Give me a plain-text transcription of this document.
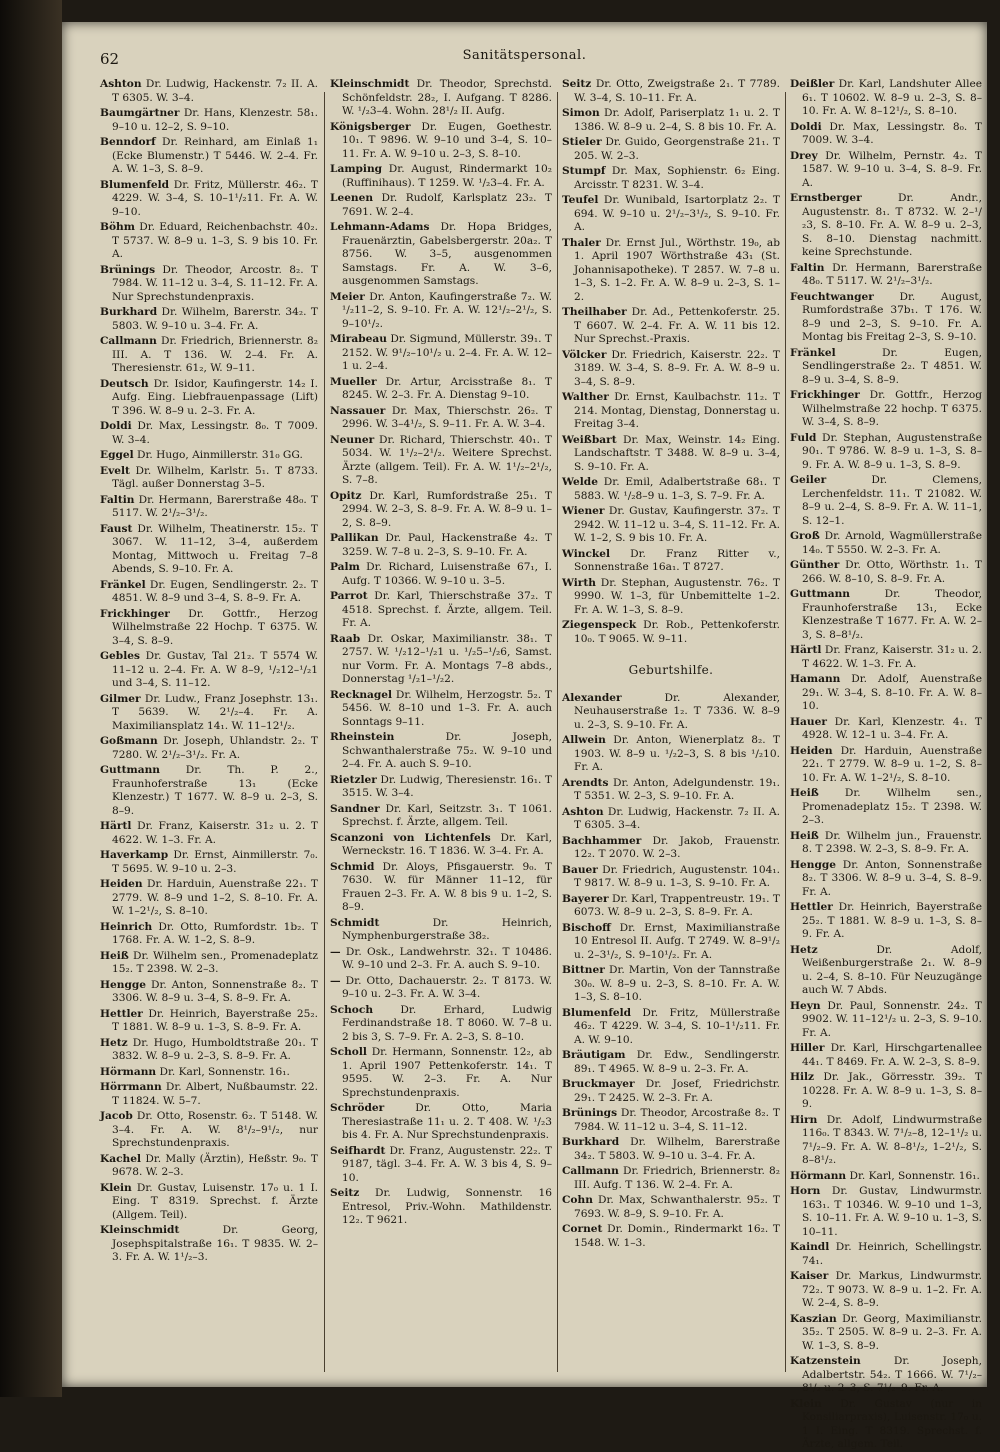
62	Sanitätspersonal.
Ashton Dr. Ludwig, Hackenstr. 7₂ II. A. T 6305. W. 3–4.
Baumgärtner Dr. Hans, Klenzestr. 58₁. 9–10 u. 12–2, S. 9–10.
Benndorf Dr. Reinhard, am Einlaß 1₁ (Ecke Blumenstr.) T 5446. W. 2–4. Fr. A. W. 1–3, S. 8–9.
Blumenfeld Dr. Fritz, Müllerstr. 46₂. T 4229. W. 3–4, S. 10–1¹/₂11. Fr. A. W. 9–10.
Böhm Dr. Eduard, Reichenbachstr. 40₂. T 5737. W. 8–9 u. 1–3, S. 9 bis 10. Fr. A.
Brünings Dr. Theodor, Arcostr. 8₂. T 7984. W. 11–12 u. 3–4, S. 11–12. Fr. A. Nur Sprechstundenpraxis.
Burkhard Dr. Wilhelm, Barerstr. 34₂. T 5803. W. 9–10 u. 3–4. Fr. A.
Callmann Dr. Friedrich, Briennerstr. 8₂ III. A. T 136. W. 2–4. Fr. A. Theresienstr. 61₂, W. 9–11.
Deutsch Dr. Isidor, Kaufingerstr. 14₂ I. Aufg. Eing. Liebfrauenpassage (Lift) T 396. W. 8–9 u. 2–3. Fr. A.
Doldi Dr. Max, Lessingstr. 8₀. T 7009. W. 3–4.
Eggel Dr. Hugo, Ainmillerstr. 31₀ GG.
Evelt Dr. Wilhelm, Karlstr. 5₁. T 8733. Tägl. außer Donnerstag 3–5.
Faltin Dr. Hermann, Barerstraße 48₀. T 5117. W. 2¹/₂–3¹/₂.
Faust Dr. Wilhelm, Theatinerstr. 15₂. T 3067. W. 11–12, 3–4, außerdem Montag, Mittwoch u. Freitag 7–8 Abends, S. 9–10. Fr. A.
Fränkel Dr. Eugen, Sendlingerstr. 2₂. T 4851. W. 8–9 und 3–4, S. 8–9. Fr. A.
Frickhinger Dr. Gottfr., Herzog Wilhelmstraße 22 Hochp. T 6375. W. 3–4, S. 8–9.
Gebles Dr. Gustav, Tal 21₂. T 5574 W. 11–12 u. 2–4. Fr. A. W 8–9, ¹/₂12–¹/₂1 und 3–4, S. 11–12.
Gilmer Dr. Ludw., Franz Josephstr. 13₁. T 5639. W. 2¹/₂–4. Fr. A. Maximiliansplatz 14₁. W. 11–12¹/₂.
Goßmann Dr. Joseph, Uhlandstr. 2₂. T 7280. W. 2¹/₂–3¹/₂. Fr. A.
Guttmann Dr. Th. P. 2., Fraunhoferstraße 13₁ (Ecke Klenzestr.) T 1677. W. 8–9 u. 2–3, S. 8–9.
Härtl Dr. Franz, Kaiserstr. 31₂ u. 2. T 4622. W. 1–3. Fr. A.
Haverkamp Dr. Ernst, Ainmillerstr. 7₀. T 5695. W. 9–10 u. 2–3.
Heiden Dr. Harduin, Auenstraße 22₁. T 2779. W. 8–9 und 1–2, S. 8–10. Fr. A. W. 1–2¹/₂, S. 8–10.
Heinrich Dr. Otto, Rumfordstr. 1b₂. T 1768. Fr. A. W. 1–2, S. 8–9.
Heiß Dr. Wilhelm sen., Promenadeplatz 15₂. T 2398. W. 2–3.
Hengge Dr. Anton, Sonnenstraße 8₂. T 3306. W. 8–9 u. 3–4, S. 8–9. Fr. A.
Hettler Dr. Heinrich, Bayerstraße 25₂. T 1881. W. 8–9 u. 1–3, S. 8–9. Fr. A.
Hetz Dr. Hugo, Humboldtstraße 20₁. T 3832. W. 8–9 u. 2–3, S. 8–9. Fr. A.
Hörmann Dr. Karl, Sonnenstr. 16₁.
Hörrmann Dr. Albert, Nußbaumstr. 22. T 11824. W. 5–7.
Jacob Dr. Otto, Rosenstr. 6₂. T 5148. W. 3–4. Fr. A. W. 8¹/₂–9¹/₂, nur Sprechstundenpraxis.
Kachel Dr. Mally (Ärztin), Heßstr. 9₀. T 9678. W. 2–3.
Klein Dr. Gustav, Luisenstr. 17₀ u. 1 I. Eing. T 8319. Sprechst. f. Ärzte (Allgem. Teil).
Kleinschmidt Dr. Georg, Josephspitalstraße 16₁. T 9835. W. 2–3. Fr. A. W. 1¹/₂–3.
Kleinschmidt Dr. Theodor, Sprechstd. Schönfeldstr. 28₂, I. Aufgang. T 8286. W. ¹/₂3–4. Wohn. 28¹/₂ II. Aufg.
Königsberger Dr. Eugen, Goethestr. 10₁. T 9896. W. 9–10 und 3–4, S. 10–11. Fr. A. W. 9–10 u. 2–3, S. 8–10.
Lamping Dr. August, Rindermarkt 10₂ (Ruffinihaus). T 1259. W. ¹/₂3–4. Fr. A.
Leenen Dr. Rudolf, Karlsplatz 23₂. T 7691. W. 2–4.
Lehmann-Adams Dr. Hopa Bridges, Frauenärztin, Gabelsbergerstr. 20a₂. T 8756. W. 3–5, ausgenommen Samstags. Fr. A. W. 3–6, ausgenommen Samstags.
Meier Dr. Anton, Kaufingerstraße 7₂. W. ¹/₂11–2, S. 9–10. Fr. A. W. 12¹/₂–2¹/₂, S. 9–10¹/₂.
Mirabeau Dr. Sigmund, Müllerstr. 39₁. T 2152. W. 9¹/₂–10¹/₂ u. 2–4. Fr. A. W. 12–1 u. 2–4.
Mueller Dr. Artur, Arcisstraße 8₁. T 8245. W. 2–3. Fr. A. Dienstag 9–10.
Nassauer Dr. Max, Thierschstr. 26₂. T 2996. W. 3–4¹/₂, S. 9–11. Fr. A. W. 3–4.
Neuner Dr. Richard, Thierschstr. 40₁. T 5034. W. 1¹/₂–2¹/₂. Weitere Sprechst. Ärzte (allgem. Teil). Fr. A. W. 1¹/₂–2¹/₂, S. 7–8.
Opitz Dr. Karl, Rumfordstraße 25₁. T 2994. W. 2–3, S. 8–9. Fr. A. W. 8–9 u. 1–2, S. 8–9.
Pallikan Dr. Paul, Hackenstraße 4₂. T 3259. W. 7–8 u. 2–3, S. 9–10. Fr. A.
Palm Dr. Richard, Luisenstraße 67₁, I. Aufg. T 10366. W. 9–10 u. 3–5.
Parrot Dr. Karl, Thierschstraße 37₂. T 4518. Sprechst. f. Ärzte, allgem. Teil. Fr. A.
Raab Dr. Oskar, Maximilianstr. 38₁. T 2757. W. ¹/₂12–¹/₂1 u. ¹/₂5–¹/₂6, Samst. nur Vorm. Fr. A. Montags 7–8 abds., Donnerstag ¹/₂1–¹/₂2.
Recknagel Dr. Wilhelm, Herzogstr. 5₂. T 5456. W. 8–10 und 1–3. Fr. A. auch Sonntags 9–11.
Rheinstein Dr. Joseph, Schwanthalerstraße 75₂. W. 9–10 und 2–4. Fr. A. auch S. 9–10.
Rietzler Dr. Ludwig, Theresienstr. 16₁. T 3515. W. 3–4.
Sandner Dr. Karl, Seitzstr. 3₁. T 1061. Sprechst. f. Ärzte, allgem. Teil.
Scanzoni von Lichtenfels Dr. Karl, Werneckstr. 16. T 1836. W. 3–4. Fr. A.
Schmid Dr. Aloys, Pfisgauerstr. 9₀. T 7630. W. für Männer 11–12, für Frauen 2–3. Fr. A. W. 8 bis 9 u. 1–2, S. 8–9.
Schmidt Dr. Heinrich, Nymphenburgerstraße 38₂.
— Dr. Osk., Landwehrstr. 32₁. T 10486. W. 9–10 und 2–3. Fr. A. auch S. 9–10.
— Dr. Otto, Dachauerstr. 2₂. T 8173. W. 9–10 u. 2–3. Fr. A. W. 3–4.
Schoch Dr. Erhard, Ludwig Ferdinandstraße 18. T 8060. W. 7–8 u. 2 bis 3, S. 7–9. Fr. A. 2–3, S. 8–10.
Scholl Dr. Hermann, Sonnenstr. 12₂, ab 1. April 1907 Pettenkoferstr. 14₁. T 9595. W. 2–3. Fr. A. Nur Sprechstundenpraxis.
Schröder Dr. Otto, Maria Theresiastraße 11₁ u. 2. T 408. W. ¹/₂3 bis 4. Fr. A. Nur Sprechstundenpraxis.
Seifhardt Dr. Franz, Augustenstr. 22₂. T 9187, tägl. 3–4. Fr. A. W. 3 bis 4, S. 9–10.
Seitz Dr. Ludwig, Sonnenstr. 16 Entresol, Priv.-Wohn. Mathildenstr. 12₂. T 9621.
Seitz Dr. Otto, Zweigstraße 2₁. T 7789. W. 3–4, S. 10–11. Fr. A.
Simon Dr. Adolf, Pariserplatz 1₁ u. 2. T 1386. W. 8–9 u. 2–4, S. 8 bis 10. Fr. A.
Stieler Dr. Guido, Georgenstraße 21₁. T 205. W. 2–3.
Stumpf Dr. Max, Sophienstr. 6₂ Eing. Arcisstr. T 8231. W. 3–4.
Teufel Dr. Wunibald, Isartorplatz 2₂. T 694. W. 9–10 u. 2¹/₂–3¹/₂, S. 9–10. Fr. A.
Thaler Dr. Ernst Jul., Wörthstr. 19₀, ab 1. April 1907 Wörthstraße 43₁ (St. Johannisapotheke). T 2857. W. 7–8 u. 1–3, S. 1–2. Fr. A. W. 8–9 u. 2–3, S. 1–2.
Theilhaber Dr. Ad., Pettenkoferstr. 25. T 6607. W. 2–4. Fr. A. W. 11 bis 12. Nur Sprechst.-Praxis.
Völcker Dr. Friedrich, Kaiserstr. 22₂. T 3189. W. 3–4, S. 8–9. Fr. A. W. 8–9 u. 3–4, S. 8–9.
Walther Dr. Ernst, Kaulbachstr. 11₂. T 214. Montag, Dienstag, Donnerstag u. Freitag 3–4.
Weißbart Dr. Max, Weinstr. 14₂ Eing. Landschaftstr. T 3488. W. 8–9 u. 3–4, S. 9–10. Fr. A.
Welde Dr. Emil, Adalbertstraße 68₁. T 5883. W. ¹/₂8–9 u. 1–3, S. 7–9. Fr. A.
Wiener Dr. Gustav, Kaufingerstr. 37₂. T 2942. W. 11–12 u. 3–4, S. 11–12. Fr. A. W. 1–2, S. 9 bis 10. Fr. A.
Winckel Dr. Franz Ritter v., Sonnenstraße 16a₁. T 8727.
Wirth Dr. Stephan, Augustenstr. 76₂. T 9990. W. 1–3, für Unbemittelte 1–2. Fr. A. W. 1–3, S. 8–9.
Ziegenspeck Dr. Rob., Pettenkoferstr. 10₀. T 9065. W. 9–11.
Geburtshilfe.
Alexander Dr. Alexander, Neuhauserstraße 1₂. T 7336. W. 8–9 u. 2–3, S. 9–10. Fr. A.
Allwein Dr. Anton, Wienerplatz 8₂. T 1903. W. 8–9 u. ¹/₂2–3, S. 8 bis ¹/₂10. Fr. A.
Arendts Dr. Anton, Adelgundenstr. 19₁. T 5351. W. 2–3, S. 9–10. Fr. A.
Ashton Dr. Ludwig, Hackenstr. 7₂ II. A. T 6305. 3–4.
Bachhammer Dr. Jakob, Frauenstr. 12₂. T 2070. W. 2–3.
Bauer Dr. Friedrich, Augustenstr. 104₁. T 9817. W. 8–9 u. 1–3, S. 9–10. Fr. A.
Bayerer Dr. Karl, Trappentreustr. 19₁. T 6073. W. 8–9 u. 2–3, S. 8–9. Fr. A.
Bischoff Dr. Ernst, Maximilianstraße 10 Entresol II. Aufg. T 2749. W. 8–9¹/₂ u. 2–3¹/₂, S. 9–10¹/₂. Fr. A.
Bittner Dr. Martin, Von der Tannstraße 30₀. W. 8–9 u. 2–3, S. 8–10. Fr. A. W. 1–3, S. 8–10.
Blumenfeld Dr. Fritz, Müllerstraße 46₂. T 4229. W. 3–4, S. 10–1¹/₂11. Fr. A. W. 9–10.
Bräutigam Dr. Edw., Sendlingerstr. 89₁. T 4965. W. 8–9 u. 2–3. Fr. A.
Bruckmayer Dr. Josef, Friedrichstr. 29₁. T 2425. W. 2–3. Fr. A.
Brünings Dr. Theodor, Arcostraße 8₂. T 7984. W. 11–12 u. 3–4, S. 11–12.
Burkhard Dr. Wilhelm, Barerstraße 34₂. T 5803. W. 9–10 u. 3–4. Fr. A.
Callmann Dr. Friedrich, Briennerstr. 8₂ III. Aufg. T 136. W. 2–4. Fr. A.
Cohn Dr. Max, Schwanthalerstr. 95₂. T 7693. W. 8–9, S. 9–10. Fr. A.
Cornet Dr. Domin., Rindermarkt 16₂. T 1548. W. 1–3.
Deißler Dr. Karl, Landshuter Allee 6₁. T 10602. W. 8–9 u. 2–3, S. 8–10. Fr. A. W. 8–12¹/₂, S. 8–10.
Doldi Dr. Max, Lessingstr. 8₀. T 7009. W. 3–4.
Drey Dr. Wilhelm, Pernstr. 4₂. T 1587. W. 9–10 u. 3–4, S. 8–9. Fr. A.
Ernstberger Dr. Andr., Augustenstr. 8₁. T 8732. W. 2–¹/₂3, S. 8–10. Fr. A. W. 8–9 u. 2–3, S. 8–10. Dienstag nachmitt. keine Sprechstunde.
Faltin Dr. Hermann, Barerstraße 48₀. T 5117. W. 2¹/₂–3¹/₂.
Feuchtwanger Dr. August, Rumfordstraße 37b₁. T 176. W. 8–9 und 2–3, S. 9–10. Fr. A. Montag bis Freitag 2–3, S. 9–10.
Fränkel Dr. Eugen, Sendlingerstraße 2₂. T 4851. W. 8–9 u. 3–4, S. 8–9.
Frickhinger Dr. Gottfr., Herzog Wilhelmstraße 22 hochp. T 6375. W. 3–4, S. 8–9.
Fuld Dr. Stephan, Augustenstraße 90₁. T 9786. W. 8–9 u. 1–3, S. 8–9. Fr. A. W. 8–9 u. 1–3, S. 8–9.
Geiler Dr. Clemens, Lerchenfeldstr. 11₁. T 21082. W. 8–9 u. 2–4, S. 8–9. Fr. A. W. 11–1, S. 12–1.
Groß Dr. Arnold, Wagmüllerstraße 14₀. T 5550. W. 2–3. Fr. A.
Günther Dr. Otto, Wörthstr. 1₁. T 266. W. 8–10, S. 8–9. Fr. A.
Guttmann Dr. Theodor, Fraunhoferstraße 13₁, Ecke Klenzestraße T 1677. Fr. A. W. 2–3, S. 8–8¹/₂.
Härtl Dr. Franz, Kaiserstr. 31₂ u. 2. T 4622. W. 1–3. Fr. A.
Hamann Dr. Adolf, Auenstraße 29₁. W. 3–4, S. 8–10. Fr. A. W. 8–10.
Hauer Dr. Karl, Klenzestr. 4₁. T 4928. W. 12–1 u. 3–4. Fr. A.
Heiden Dr. Harduin, Auenstraße 22₁. T 2779. W. 8–9 u. 1–2, S. 8–10. Fr. A. W. 1–2¹/₂, S. 8–10.
Heiß Dr. Wilhelm sen., Promenadeplatz 15₂. T 2398. W. 2–3.
Heiß Dr. Wilhelm jun., Frauenstr. 8. T 2398. W. 2–3, S. 8–9. Fr. A.
Hengge Dr. Anton, Sonnenstraße 8₂. T 3306. W. 8–9 u. 3–4, S. 8–9. Fr. A.
Hettler Dr. Heinrich, Bayerstraße 25₂. T 1881. W. 8–9 u. 1–3, S. 8–9. Fr. A.
Hetz Dr. Adolf, Weißenburgerstraße 2₁. W. 8–9 u. 2–4, S. 8–10. Für Neuzugänge auch W. 7 Abds.
Heyn Dr. Paul, Sonnenstr. 24₂. T 9902. W. 11–12¹/₂ u. 2–3, S. 9–10. Fr. A.
Hiller Dr. Karl, Hirschgartenallee 44₁. T 8469. Fr. A. W. 2–3, S. 8–9.
Hilz Dr. Jak., Görresstr. 39₂. T 10228. Fr. A. W. 8–9 u. 1–3, S. 8–9.
Hirn Dr. Adolf, Lindwurmstraße 116₀. T 8343. W. 7¹/₂–8, 12–1¹/₂ u. 7¹/₂–9. Fr. A. W. 8–8¹/₂, 1–2¹/₂, S. 8–8¹/₂.
Hörmann Dr. Karl, Sonnenstr. 16₁.
Horn Dr. Gustav, Lindwurmstr. 163₁. T 10346. W. 9–10 und 1–3, S. 10–11. Fr. A. W. 9–10 u. 1–3, S. 10–11.
Kaindl Dr. Heinrich, Schellingstr. 74₁.
Kaiser Dr. Markus, Lindwurmstr. 72₂. T 9073. W. 8–9 u. 1–2. Fr. A. W. 2–4, S. 8–9.
Kaszian Dr. Georg, Maximilianstr. 35₂. T 2505. W. 8–9 u. 2–3. Fr. A. W. 1–3, S. 8–9.
Katzenstein Dr. Joseph, Adalbertstr. 54₂. T 1666. W. 7¹/₂–8¹/₂ u. 2–3, S. 7¹/₂–9. Fr. A.
Klein Dr. Gustav (nur in Konsiliarpraxis), Luisenstr. 17₀ u. 1 I. Eing. T 8319. Sprechst. f. Ärzte, allgem. Teil.
